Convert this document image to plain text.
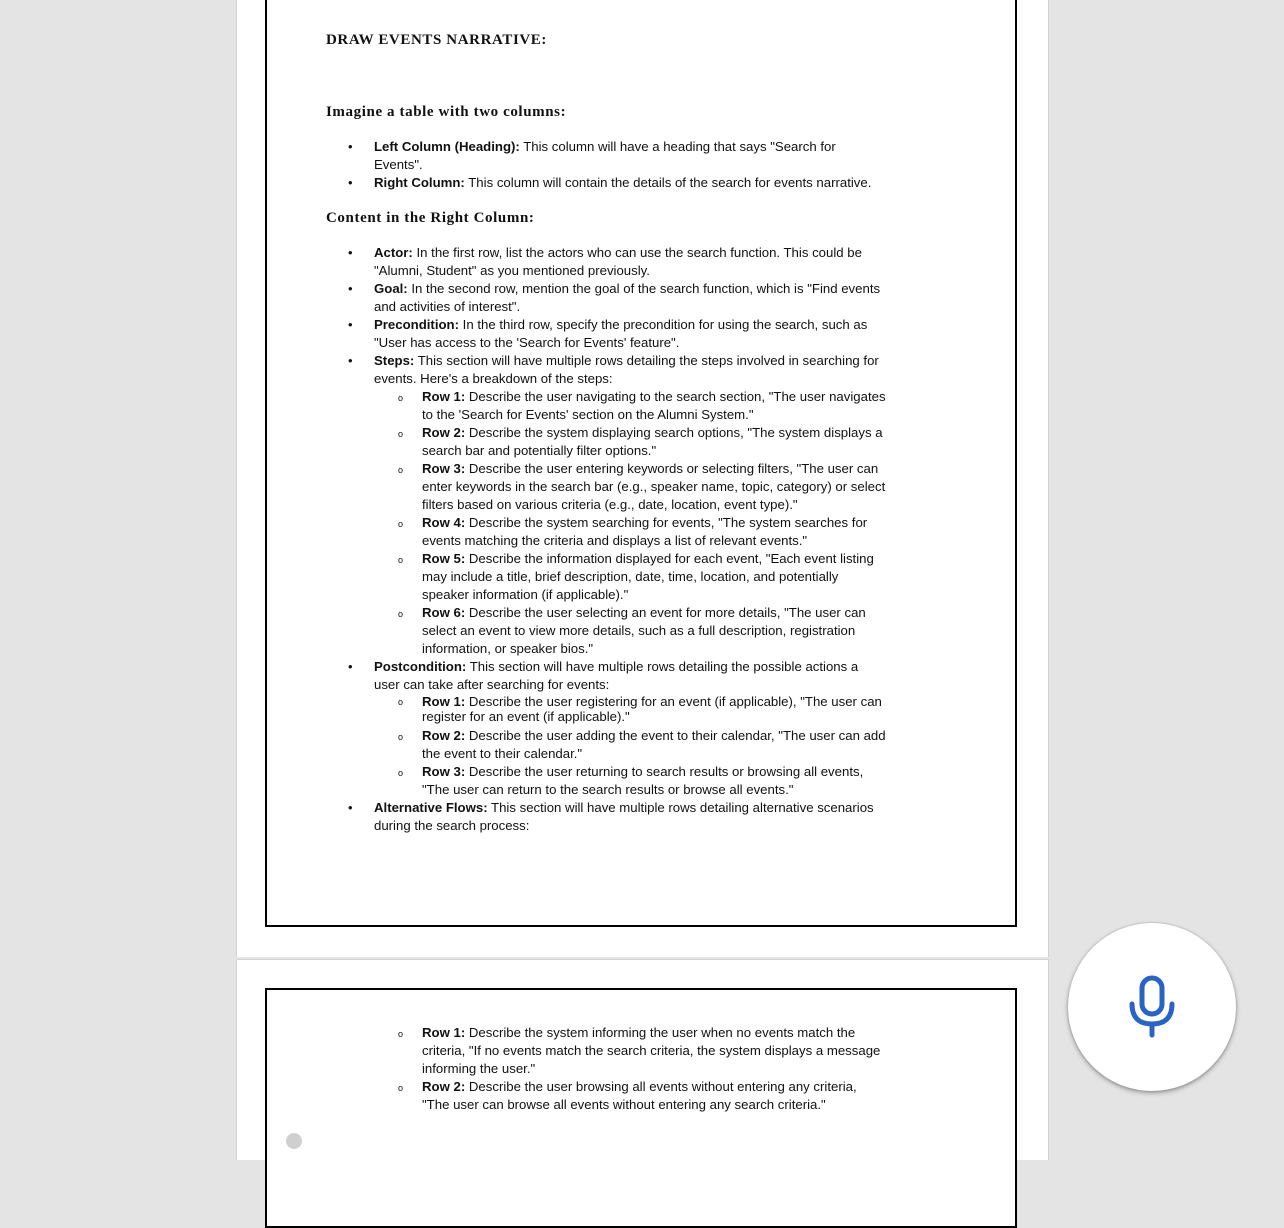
DRAW EVENTS NARRATIVE:
Imagine a table with two columns:
• Left Column (Heading): This column will have a heading that says "Search for Events".
• Right Column: This column will contain the details of the search for events narrative.
Content in the Right Column:
• Actor: In the first row, list the actors who can use the search function. This could be "Alumni, Student" as you mentioned previously.
• Goal: In the second row, mention the goal of the search function, which is "Find events and activities of interest".
• Precondition: In the third row, specify the precondition for using the search, such as "User has access to the 'Search for Events' feature".
• Steps: This section will have multiple rows detailing the steps involved in searching for events. Here's a breakdown of the steps:
o Row 1: Describe the user navigating to the search section, "The user navigates to the 'Search for Events' section on the Alumni System."
o Row 2: Describe the system displaying search options, "The system displays a search bar and potentially filter options."
o Row 3: Describe the user entering keywords or selecting filters, "The user can enter keywords in the search bar (e.g., speaker name, topic, category) or select filters based on various criteria (e.g., date, location, event type)."
o Row 4: Describe the system searching for events, "The system searches for events matching the criteria and displays a list of relevant events."
o Row 5: Describe the information displayed for each event, "Each event listing may include a title, brief description, date, time, location, and potentially speaker information (if applicable)."
o Row 6: Describe the user selecting an event for more details, "The user can select an event to view more details, such as a full description, registration information, or speaker bios."
• Postcondition: This section will have multiple rows detailing the possible actions a user can take after searching for events:
o Row 1: Describe the user registering for an event (if applicable), "The user can register for an event (if applicable)."
o Row 2: Describe the user adding the event to their calendar, "The user can add the event to their calendar."
o Row 3: Describe the user returning to search results or browsing all events, "The user can return to the search results or browse all events."
• Alternative Flows: This section will have multiple rows detailing alternative scenarios during the search process:
o Row 1: Describe the system informing the user when no events match the criteria, "If no events match the search criteria, the system displays a message informing the user."
o Row 2: Describe the user browsing all events without entering any criteria, "The user can browse all events without entering any search criteria."
